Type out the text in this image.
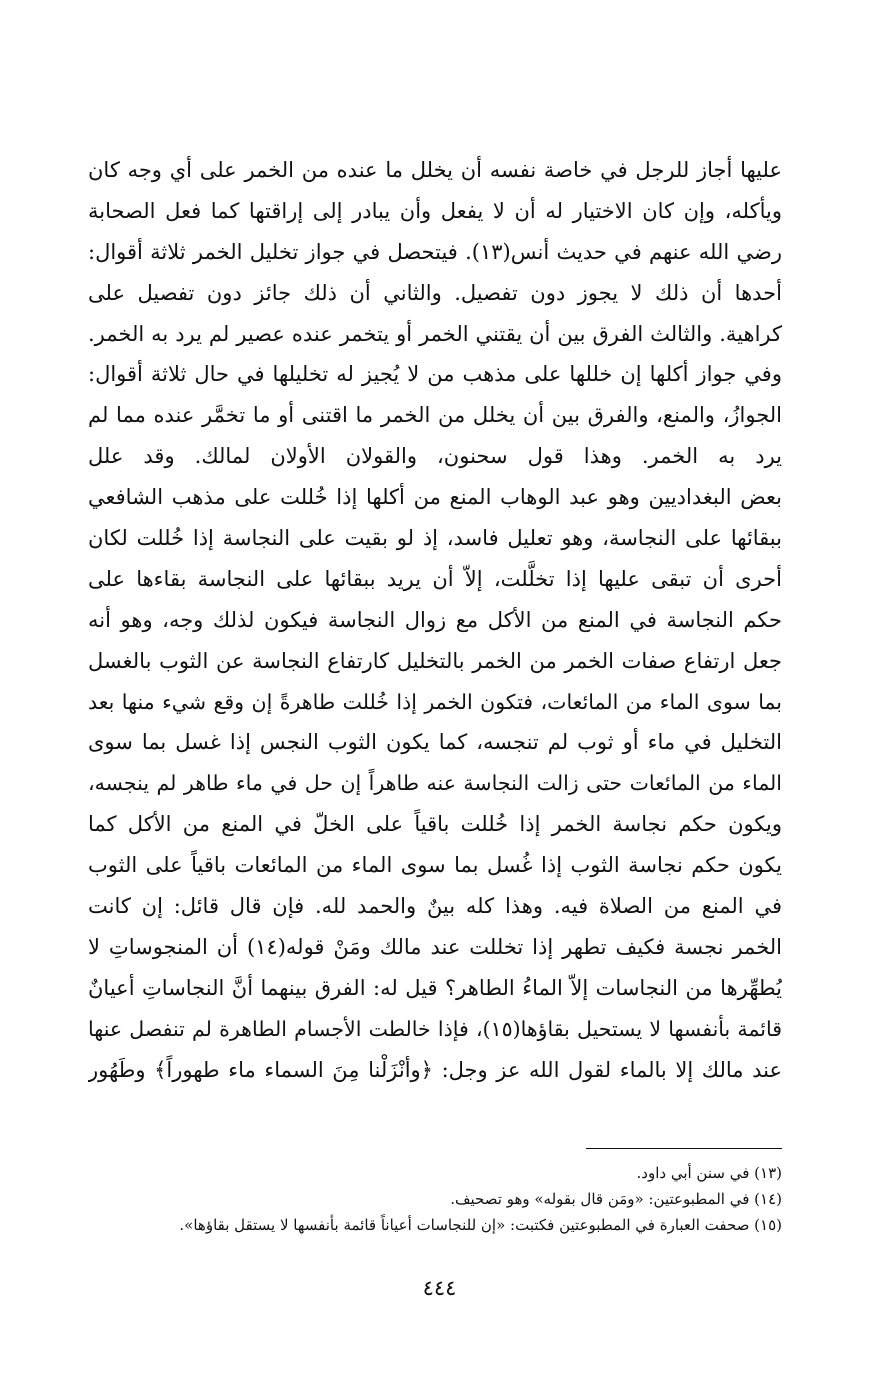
عليها أجاز للرجل في خاصة نفسه أن يخلل ما عنده من الخمر على أي وجه كان
ويأكله، وإن كان الاختيار له أن لا يفعل وأن يبادر إلى إراقتها كما فعل الصحابة
رضي الله عنهم في حديث أنس(١٣). فيتحصل في جواز تخليل الخمر ثلاثة أقوال:
أحدها أن ذلك لا يجوز دون تفصيل. والثاني أن ذلك جائز دون تفصيل على
كراهية. والثالث الفرق بين أن يقتني الخمر أو يتخمر عنده عصير لم يرد به الخمر.
وفي جواز أكلها إن خللها على مذهب من لا يُجيز له تخليلها في حال ثلاثة أقوال:
الجوازُ، والمنع، والفرق بين أن يخلل من الخمر ما اقتنى أو ما تخمَّر عنده مما لم
يرد به الخمر. وهذا قول سحنون، والقولان الأولان لمالك. وقد علل
بعض البغداديين وهو عبد الوهاب المنع من أكلها إذا خُللت على مذهب الشافعي
ببقائها على النجاسة، وهو تعليل فاسد، إذ لو بقيت على النجاسة إذا خُللت لكان
أحرى أن تبقى عليها إذا تخلَّلت، إلاّ أن يريد ببقائها على النجاسة بقاءها على
حكم النجاسة في المنع من الأكل مع زوال النجاسة فيكون لذلك وجه، وهو أنه
جعل ارتفاع صفات الخمر من الخمر بالتخليل كارتفاع النجاسة عن الثوب بالغسل
بما سوى الماء من المائعات، فتكون الخمر إذا خُللت طاهرةً إن وقع شيء منها بعد
التخليل في ماء أو ثوب لم تنجسه، كما يكون الثوب النجس إذا غسل بما سوى
الماء من المائعات حتى زالت النجاسة عنه طاهراً إن حل في ماء طاهر لم ينجسه،
ويكون حكم نجاسة الخمر إذا خُللت باقياً على الخلّ في المنع من الأكل كما
يكون حكم نجاسة الثوب إذا غُسل بما سوى الماء من المائعات باقياً على الثوب
في المنع من الصلاة فيه. وهذا كله بينٌ والحمد لله. فإن قال قائل: إن كانت
الخمر نجسة فكيف تطهر إذا تخللت عند مالك ومَنْ قوله(١٤) أن المنجوساتِ لا
يُطهِّرها من النجاسات إلاّ الماءُ الطاهر؟ قيل له: الفرق بينهما أنَّ النجاساتِ أعيانٌ
قائمة بأنفسها لا يستحيل بقاؤها(١٥)، فإذا خالطت الأجسام الطاهرة لم تنفصل عنها
عند مالك إلا بالماء لقول الله عز وجل: ﴿وأنْزَلْنا مِنَ السماء ماء طهوراً﴾ وطَهُور
(١٣) في سنن أبي داود.
(١٤) في المطبوعتين: «ومَن قال بقوله» وهو تصحيف.
(١٥) صحفت العبارة في المطبوعتين فكتبت: «إن للنجاسات أعياناً قائمة بأنفسها لا يستقل بقاؤها».
٤٤٤
